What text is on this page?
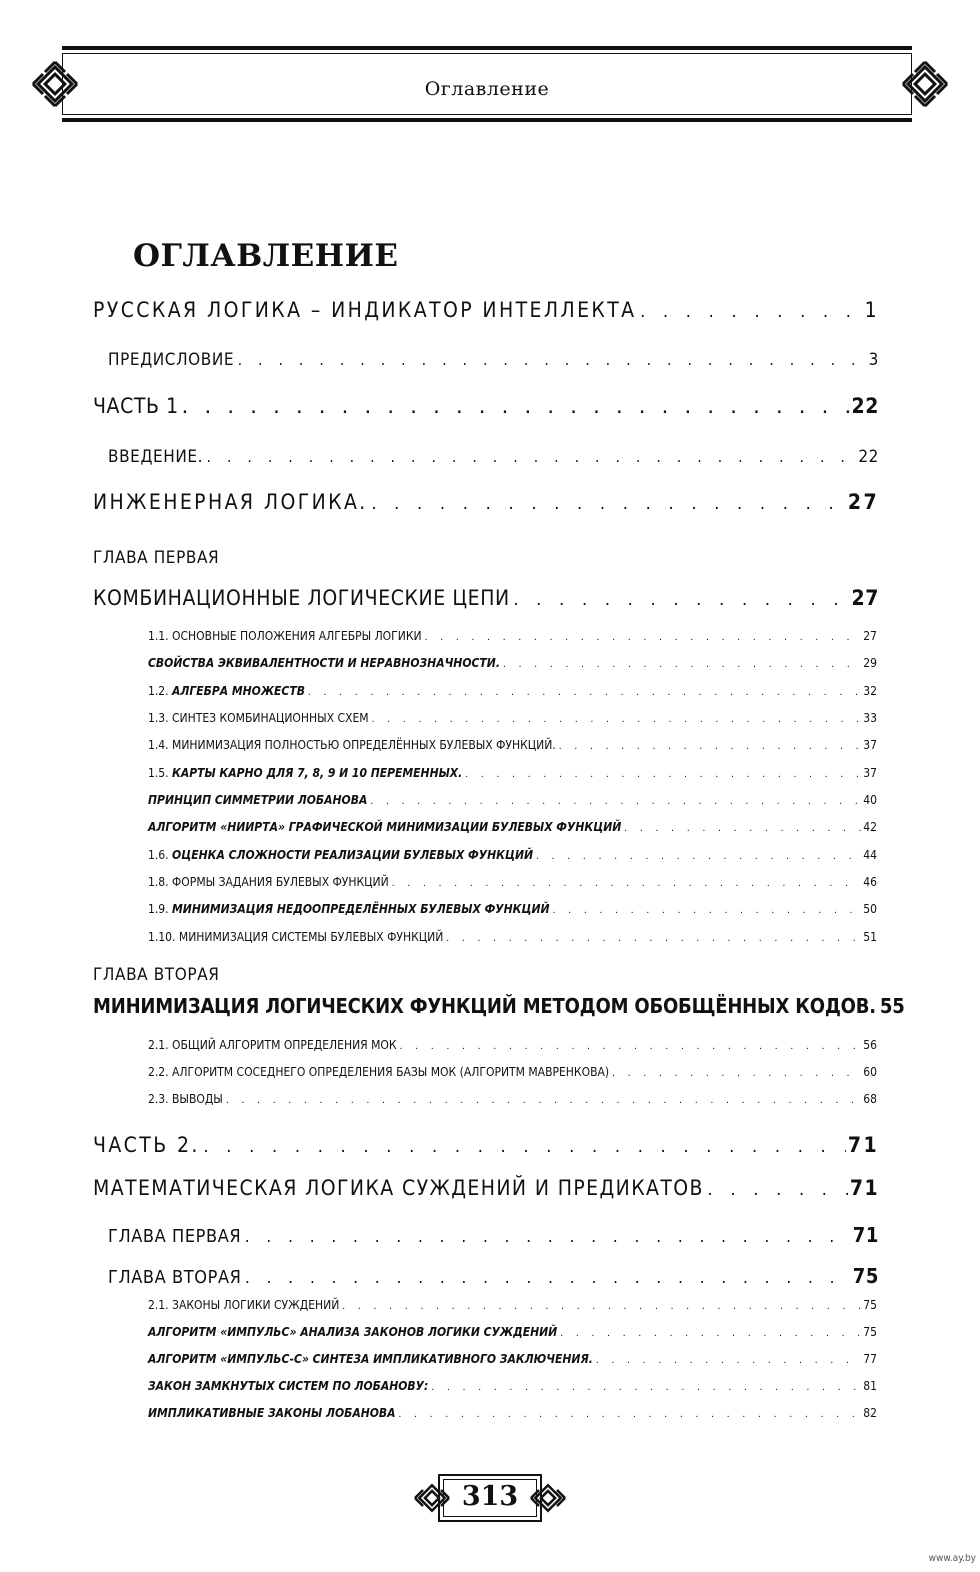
Оглавление
ОГЛАВЛЕНИЕ
РУССКАЯ ЛОГИКА – ИНДИКАТОР ИНТЕЛЛЕКТА . . .	1
ПРЕДИСЛОВИЕ . . .	3
ЧАСТЬ 1 . . .	22
ВВЕДЕНИЕ. . . .	22
ИНЖЕНЕРНАЯ ЛОГИКА. . . .	27
ГЛАВА ПЕРВАЯ
КОМБИНАЦИОННЫЕ ЛОГИЧЕСКИЕ ЦЕПИ . . .	27
1.1. ОСНОВНЫЕ ПОЛОЖЕНИЯ АЛГЕБРЫ ЛОГИКИ . . .	27
СВОЙСТВА ЭКВИВАЛЕНТНОСТИ И НЕРАВНОЗНАЧНОСТИ. . . .	29
1.2. АЛГЕБРА МНОЖЕСТВ . . .	32
1.3. СИНТЕЗ КОМБИНАЦИОННЫХ СХЕМ . . .	33
1.4. МИНИМИЗАЦИЯ ПОЛНОСТЬЮ ОПРЕДЕЛЁННЫХ БУЛЕВЫХ ФУНКЦИЙ. . . .	37
1.5. КАРТЫ КАРНО ДЛЯ 7, 8, 9 И 10 ПЕРЕМЕННЫХ. . . .	37
ПРИНЦИП СИММЕТРИИ ЛОБАНОВА . . .	40
АЛГОРИТМ «НИИРТА» ГРАФИЧЕСКОЙ МИНИМИЗАЦИИ БУЛЕВЫХ ФУНКЦИЙ . . .	42
1.6. ОЦЕНКА СЛОЖНОСТИ РЕАЛИЗАЦИИ БУЛЕВЫХ ФУНКЦИЙ . . .	44
1.8. ФОРМЫ ЗАДАНИЯ БУЛЕВЫХ ФУНКЦИЙ . . .	46
1.9. МИНИМИЗАЦИЯ НЕДООПРЕДЕЛЁННЫХ БУЛЕВЫХ ФУНКЦИЙ . . .	50
1.10. МИНИМИЗАЦИЯ СИСТЕМЫ БУЛЕВЫХ ФУНКЦИЙ . . .	51
ГЛАВА ВТОРАЯ
МИНИМИЗАЦИЯ ЛОГИЧЕСКИХ ФУНКЦИЙ МЕТОДОМ ОБОБЩЁННЫХ КОДОВ. 55
2.1. ОБЩИЙ АЛГОРИТМ ОПРЕДЕЛЕНИЯ МОК . . .	56
2.2. АЛГОРИТМ СОСЕДНЕГО ОПРЕДЕЛЕНИЯ БАЗЫ МОК (АЛГОРИТМ МАВРЕНКОВА) . . .	60
2.3. ВЫВОДЫ . . .	68
ЧАСТЬ 2. . . .	71
МАТЕМАТИЧЕСКАЯ ЛОГИКА СУЖДЕНИЙ И ПРЕДИКАТОВ . . .	71
ГЛАВА ПЕРВАЯ . . .	71
ГЛАВА ВТОРАЯ . . .	75
2.1. ЗАКОНЫ ЛОГИКИ СУЖДЕНИЙ . . .	75
АЛГОРИТМ «ИМПУЛЬС» АНАЛИЗА ЗАКОНОВ ЛОГИКИ СУЖДЕНИЙ . . .	75
АЛГОРИТМ «ИМПУЛЬС-С» СИНТЕЗА ИМПЛИКАТИВНОГО ЗАКЛЮЧЕНИЯ. . . .	77
ЗАКОН ЗАМКНУТЫХ СИСТЕМ ПО ЛОБАНОВУ: . . .	81
ИМПЛИКАТИВНЫЕ ЗАКОНЫ ЛОБАНОВА . . .	82
313
www.ay.by
